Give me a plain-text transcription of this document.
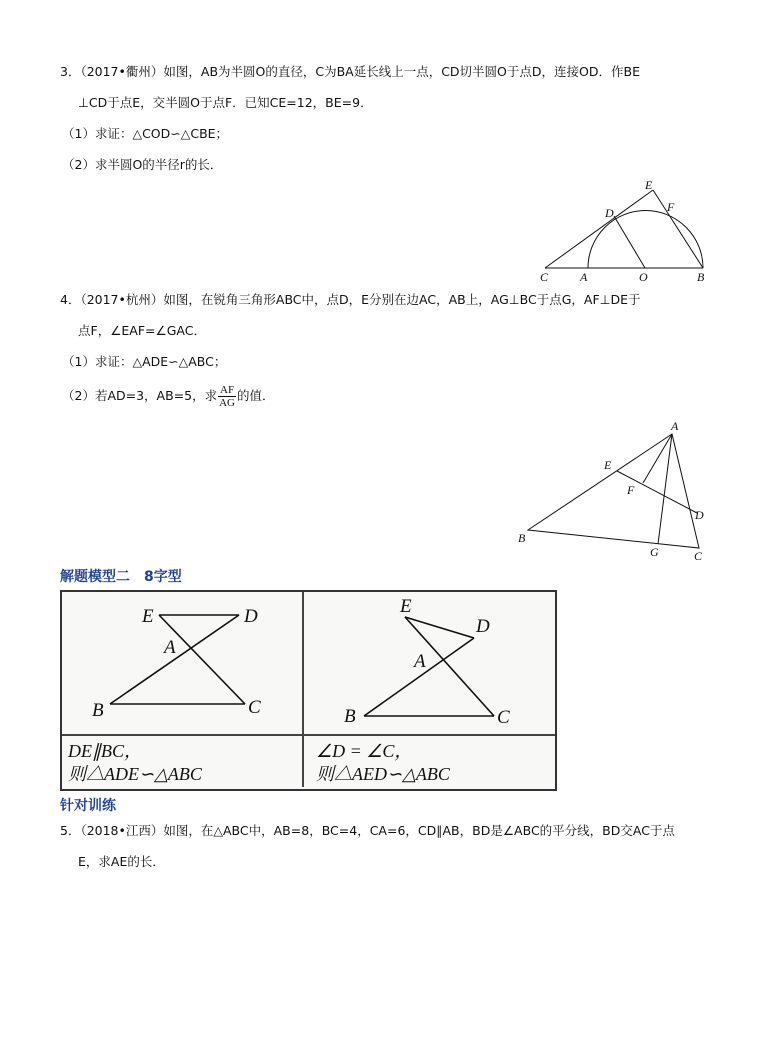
3．（2017•衢州）如图，AB为半圆O的直径，C为BA延长线上一点，CD切半圆O于点D，连接OD．作BE
⊥CD于点E，交半圆O于点F．已知CE=12，BE=9．
（1）求证：△COD∽△CBE；
（2）求半圆O的半径r的长．
E
F
D
C	A	O	B
4．（2017•杭州）如图，在锐角三角形ABC中，点D，E分别在边AC，AB上，AG⊥BC于点G，AF⊥DE于
点F，∠EAF=∠GAC．
（1）求证：△ADE∽△ABC；
（2）若AD=3，AB=5，求 $\frac{AF}{AG}$ 的值．
A
E
F
D
B
G	C
解题模型二　8字型
E	D
A
B	C
E
D
A
B	C
DE∥BC，
则△ADE∽△ABC
∠D = ∠C，
则△AED∽△ABC
针对训练
5．（2018•江西）如图，在△ABC中，AB=8，BC=4，CA=6，CD∥AB，BD是∠ABC的平分线，BD交AC于点
E，求AE的长．
